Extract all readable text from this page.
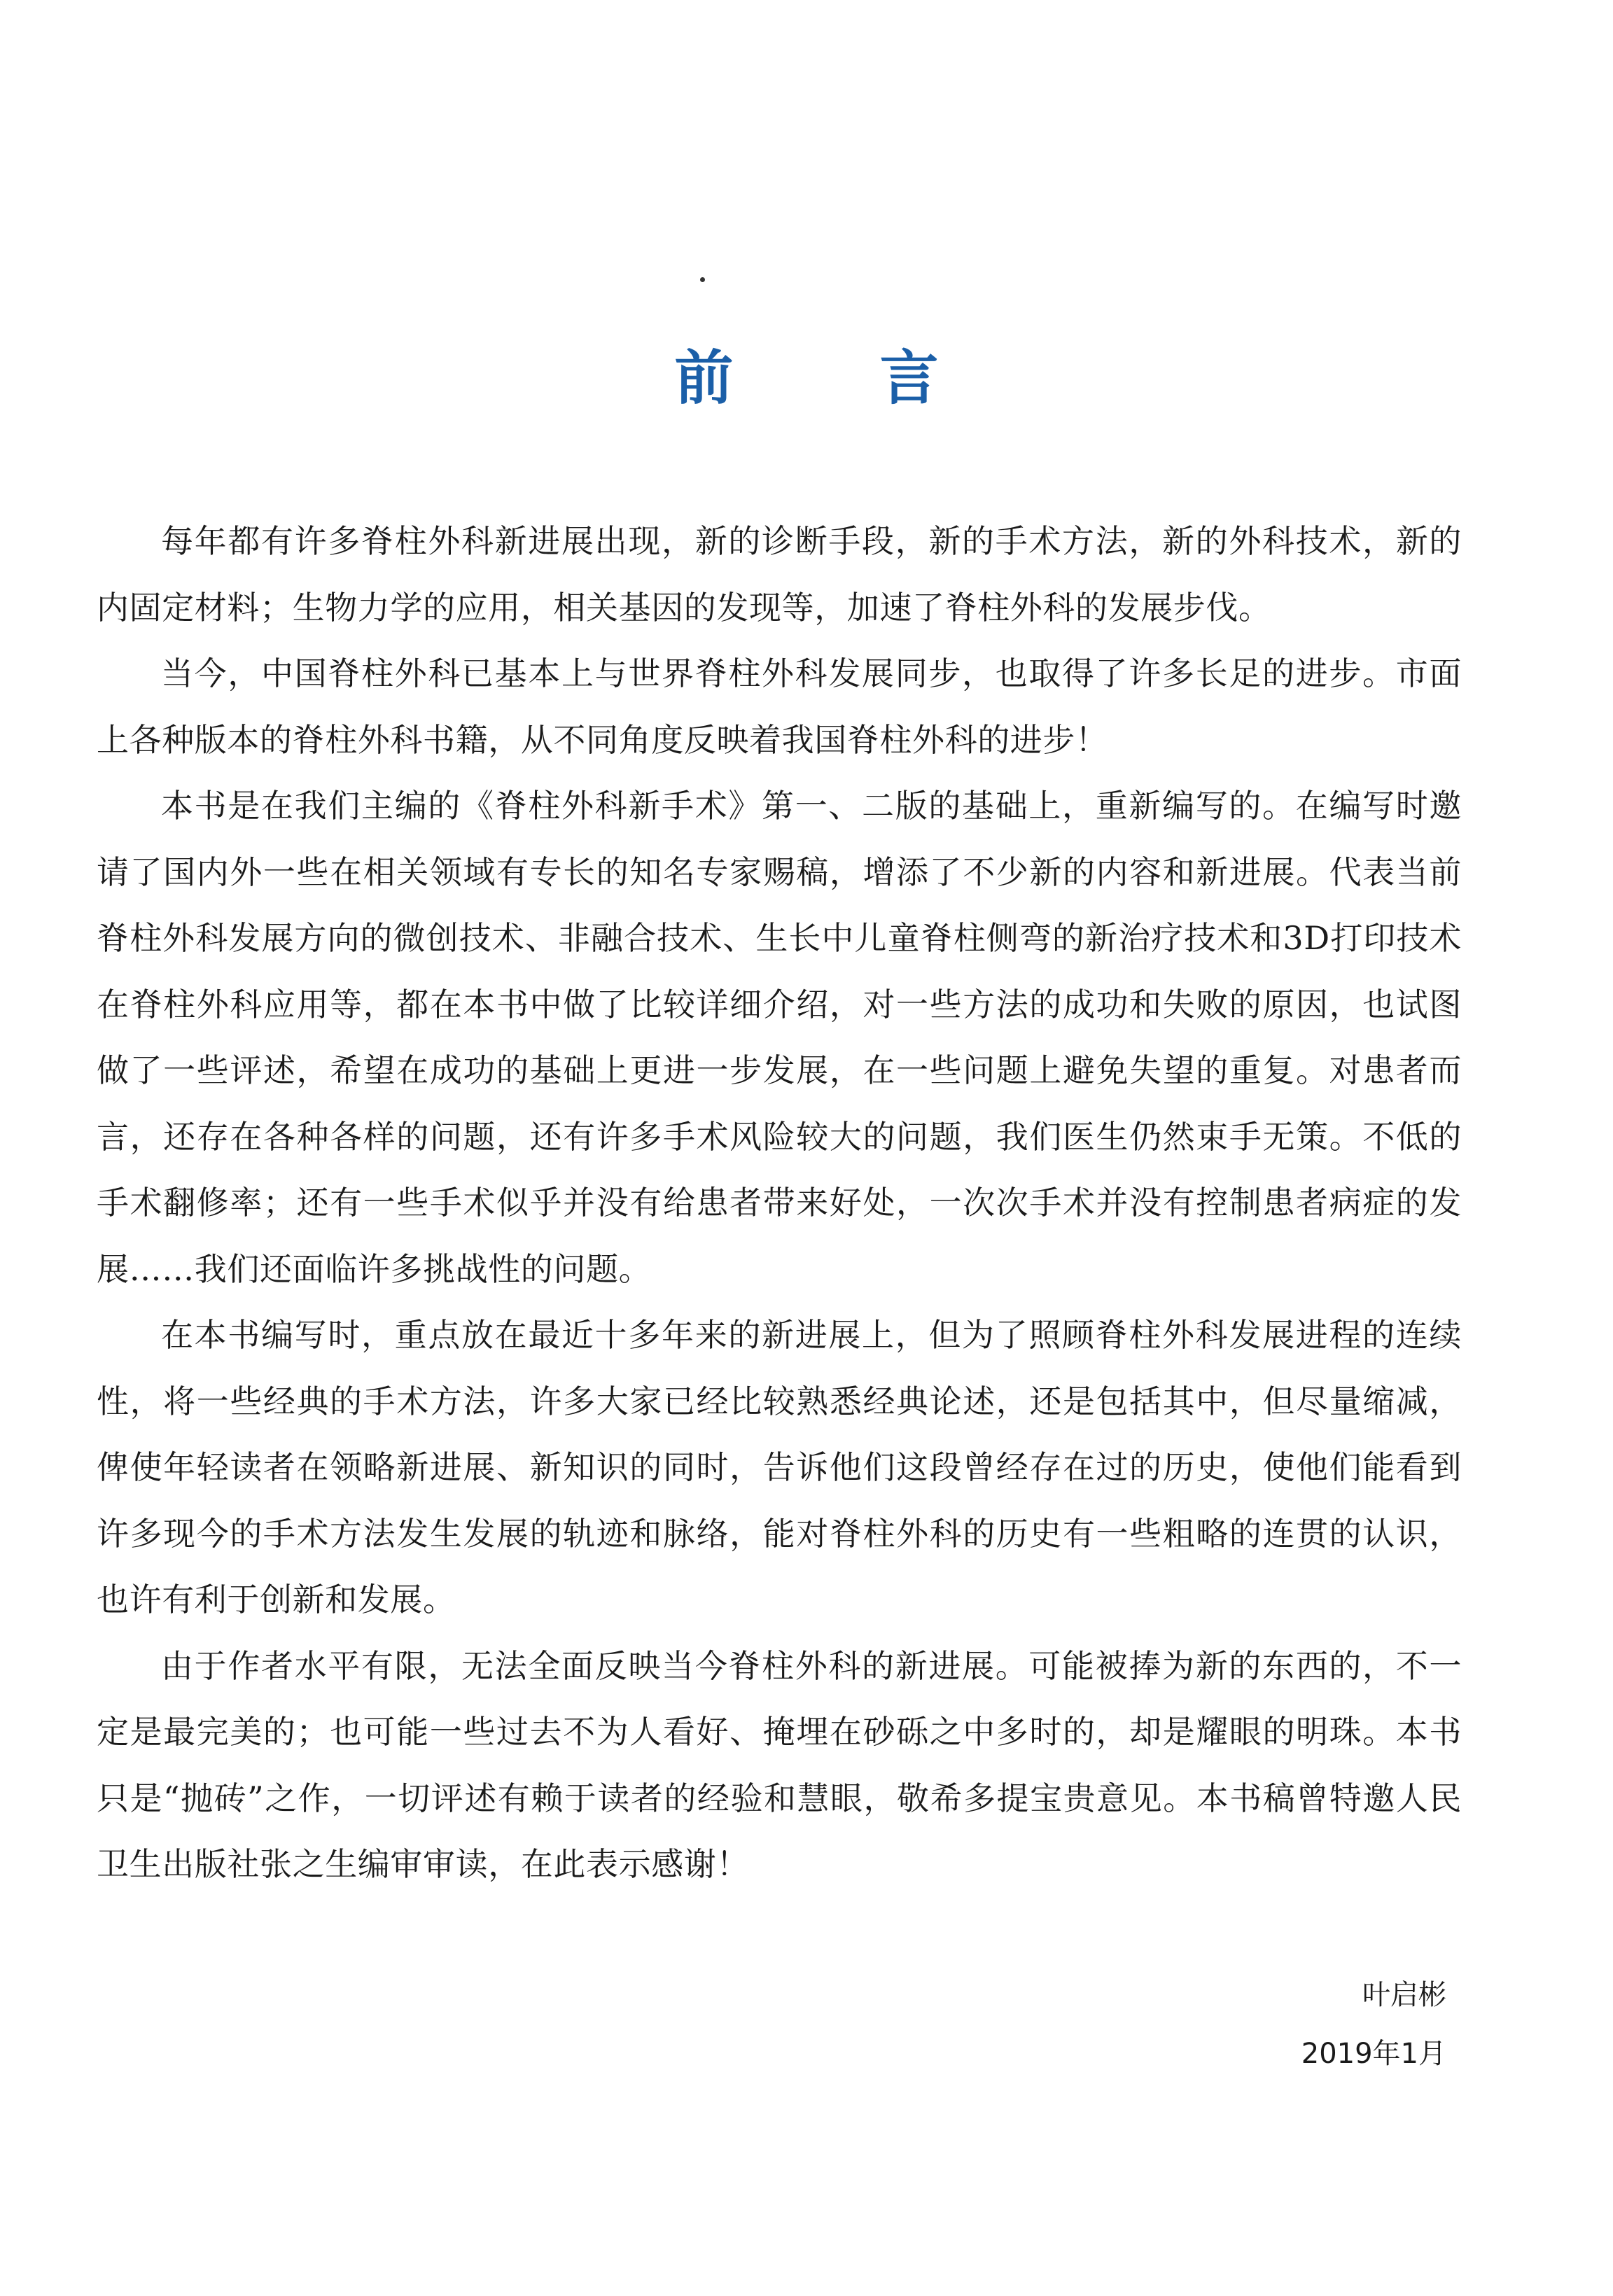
前 言

每年都有许多脊柱外科新进展出现，新的诊断手段，新的手术方法，新的外科技术，新的内固定材料；生物力学的应用，相关基因的发现等，加速了脊柱外科的发展步伐。

当今，中国脊柱外科已基本上与世界脊柱外科发展同步，也取得了许多长足的进步。市面上各种版本的脊柱外科书籍，从不同角度反映着我国脊柱外科的进步！

本书是在我们主编的《脊柱外科新手术》第一、二版的基础上，重新编写的。在编写时邀请了国内外一些在相关领域有专长的知名专家赐稿，增添了不少新的内容和新进展。代表当前脊柱外科发展方向的微创技术、非融合技术、生长中儿童脊柱侧弯的新治疗技术和3D打印技术在脊柱外科应用等，都在本书中做了比较详细介绍，对一些方法的成功和失败的原因，也试图做了一些评述，希望在成功的基础上更进一步发展，在一些问题上避免失望的重复。对患者而言，还存在各种各样的问题，还有许多手术风险较大的问题，我们医生仍然束手无策。不低的手术翻修率；还有一些手术似乎并没有给患者带来好处，一次次手术并没有控制患者病症的发展……我们还面临许多挑战性的问题。

在本书编写时，重点放在最近十多年来的新进展上，但为了照顾脊柱外科发展进程的连续性，将一些经典的手术方法，许多大家已经比较熟悉经典论述，还是包括其中，但尽量缩减，俾使年轻读者在领略新进展、新知识的同时，告诉他们这段曾经存在过的历史，使他们能看到许多现今的手术方法发生发展的轨迹和脉络，能对脊柱外科的历史有一些粗略的连贯的认识，也许有利于创新和发展。

由于作者水平有限，无法全面反映当今脊柱外科的新进展。可能被捧为新的东西的，不一定是最完美的；也可能一些过去不为人看好、掩埋在砂砾之中多时的，却是耀眼的明珠。本书只是“抛砖”之作，一切评述有赖于读者的经验和慧眼，敬希多提宝贵意见。本书稿曾特邀人民卫生出版社张之生编审审读，在此表示感谢！

叶启彬
2019年1月
